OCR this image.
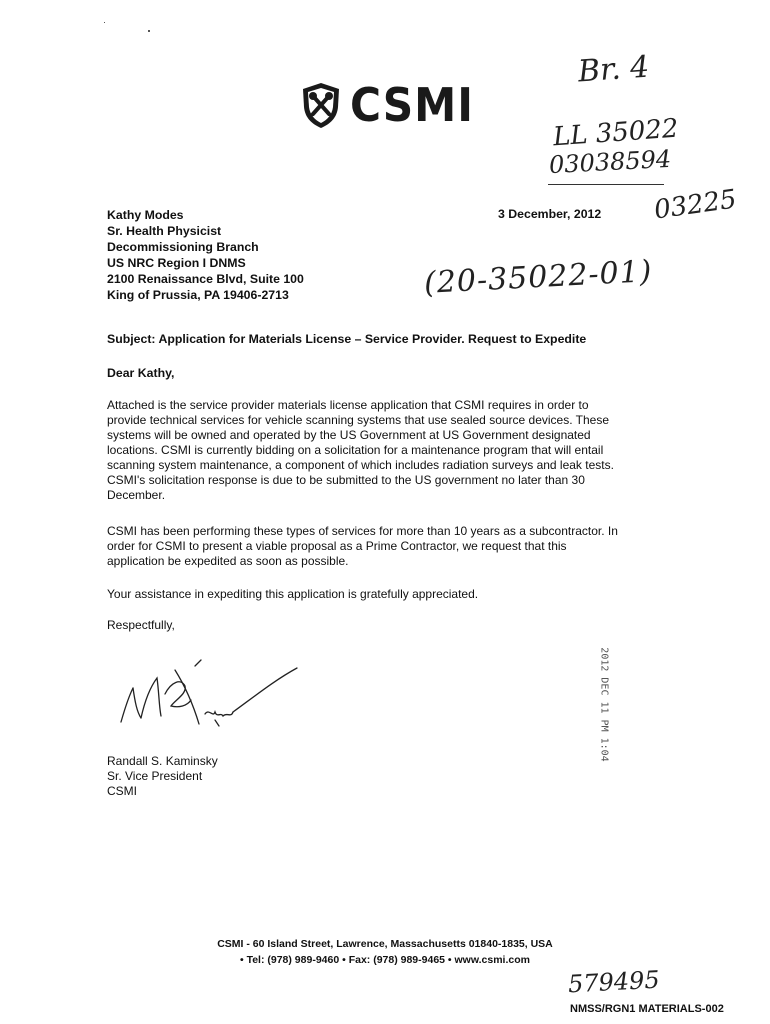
CSMI
Br. 4
LL 35022
03038594
03225
(20-35022-01)
Kathy Modes
Sr. Health Physicist
Decommissioning Branch
US NRC Region I DNMS
2100 Renaissance Blvd, Suite 100
King of Prussia, PA 19406-2713
3 December, 2012
Subject: Application for Materials License – Service Provider. Request to Expedite
Dear Kathy,
Attached is the service provider materials license application that CSMI requires in order to
provide technical services for vehicle scanning systems that use sealed source devices. These
systems will be owned and operated by the US Government at US Government designated
locations. CSMI is currently bidding on a solicitation for a maintenance program that will entail
scanning system maintenance, a component of which includes radiation surveys and leak tests.
CSMI's solicitation response is due to be submitted to the US government no later than 30
December.
CSMI has been performing these types of services for more than 10 years as a subcontractor. In
order for CSMI to present a viable proposal as a Prime Contractor, we request that this
application be expedited as soon as possible.
Your assistance in expediting this application is gratefully appreciated.
Respectfully,
Randall S. Kaminsky
Sr. Vice President
CSMI
2012 DEC 11 PM 1:04
CSMI - 60 Island Street, Lawrence, Massachusetts 01840-1835, USA
• Tel: (978) 989-9460 • Fax: (978) 989-9465 • www.csmi.com
579495
NMSS/RGN1 MATERIALS-002
